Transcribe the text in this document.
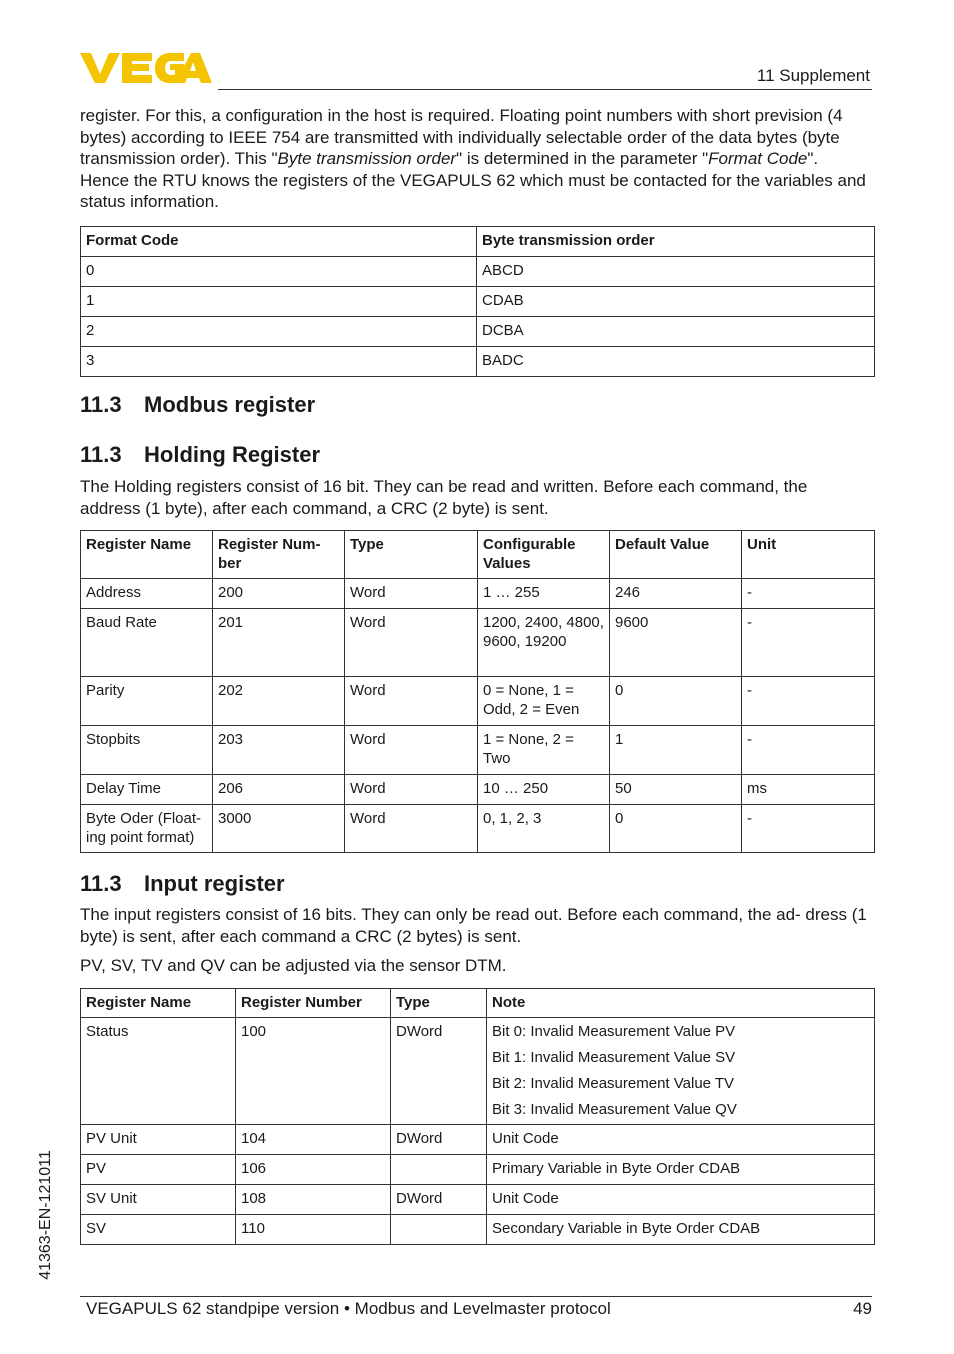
11 Supplement
register. For this, a configuration in the host is required. Floating point numbers with short prevision (4 bytes) according to IEEE 754 are transmitted with individually selectable order of the data bytes (byte transmission order). This "Byte transmission order" is determined in the parameter "Format Code". Hence the RTU knows the registers of the VEGAPULS 62 which must be contacted for the variables and status information.
Format Code	Byte transmission order
0	ABCD
1	CDAB
2	DCBA
3	BADC
11.3 Modbus register
11.3 Holding Register
The Holding registers consist of 16 bit. They can be read and written. Before each command, the address (1 byte), after each command, a CRC (2 byte) is sent.
Register Name	Register Num- ber	Type	Configurable Values	Default Value	Unit
Address	200	Word	1 … 255	246	-
Baud Rate	201	Word	1200, 2400, 4800, 9600, 19200	9600	-
Parity	202	Word	0 = None, 1 = Odd, 2 = Even	0	-
Stopbits	203	Word	1 = None, 2 = Two	1	-
Delay Time	206	Word	10 … 250	50	ms
Byte Oder (Float- ing point format)	3000	Word	0, 1, 2, 3	0	-
11.3 Input register
The input registers consist of 16 bits. They can only be read out. Before each command, the ad- dress (1 byte) is sent, after each command a CRC (2 bytes) is sent.
PV, SV, TV and QV can be adjusted via the sensor DTM.
Register Name	Register Number	Type	Note
Status	100	DWord	Bit 0: Invalid Measurement Value PV
Bit 1: Invalid Measurement Value SV
Bit 2: Invalid Measurement Value TV
Bit 3: Invalid Measurement Value QV

PV Unit	104	DWord	Unit Code
PV	106		Primary Variable in Byte Order CDAB
SV Unit	108	DWord	Unit Code
SV	110		Secondary Variable in Byte Order CDAB
41363-EN-121011
VEGAPULS 62 standpipe version • Modbus and Levelmaster protocol	49
